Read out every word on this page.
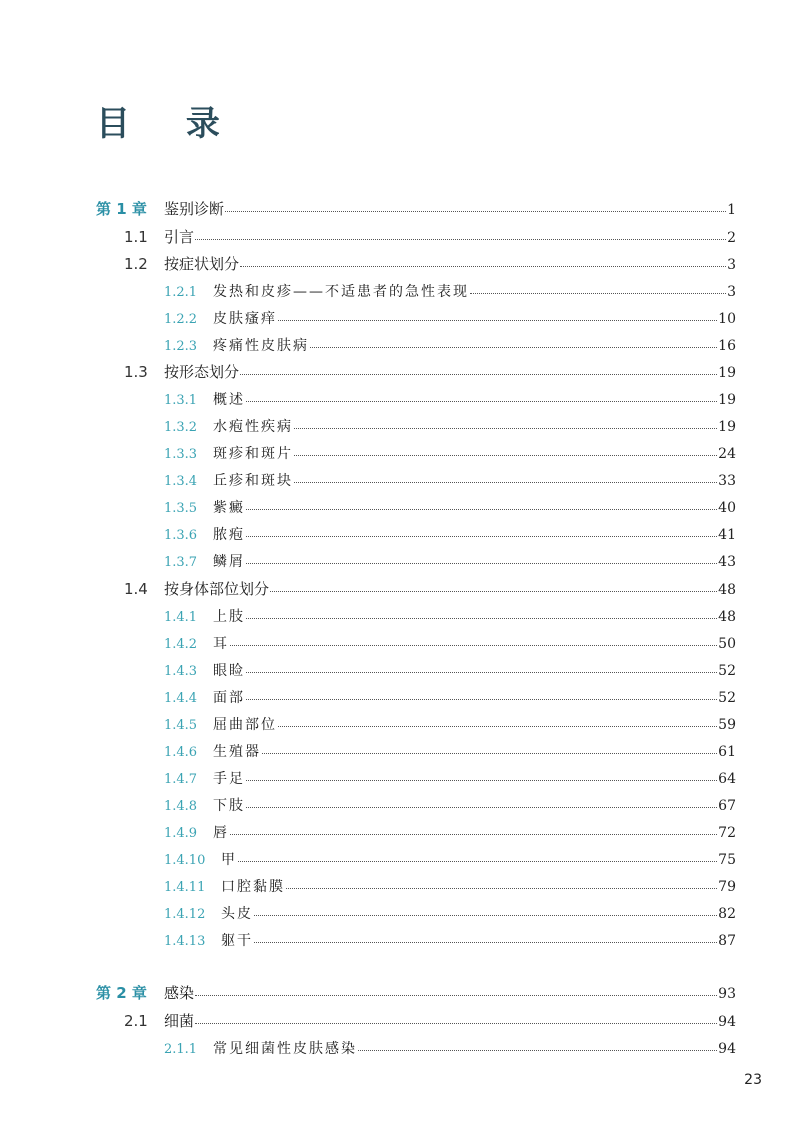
目 录
第 1 章	鉴别诊断	1
1.1	引言	2
1.2	按症状划分	3
1.2.1	发热和皮疹——不适患者的急性表现	3
1.2.2	皮肤瘙痒	10
1.2.3	疼痛性皮肤病	16
1.3	按形态划分	19
1.3.1	概述	19
1.3.2	水疱性疾病	19
1.3.3	斑疹和斑片	24
1.3.4	丘疹和斑块	33
1.3.5	紫癜	40
1.3.6	脓疱	41
1.3.7	鳞屑	43
1.4	按身体部位划分	48
1.4.1	上肢	48
1.4.2	耳	50
1.4.3	眼睑	52
1.4.4	面部	52
1.4.5	屈曲部位	59
1.4.6	生殖器	61
1.4.7	手足	64
1.4.8	下肢	67
1.4.9	唇	72
1.4.10	甲	75
1.4.11	口腔黏膜	79
1.4.12	头皮	82
1.4.13	躯干	87
第 2 章	感染	93
2.1	细菌	94
2.1.1	常见细菌性皮肤感染	94
23
